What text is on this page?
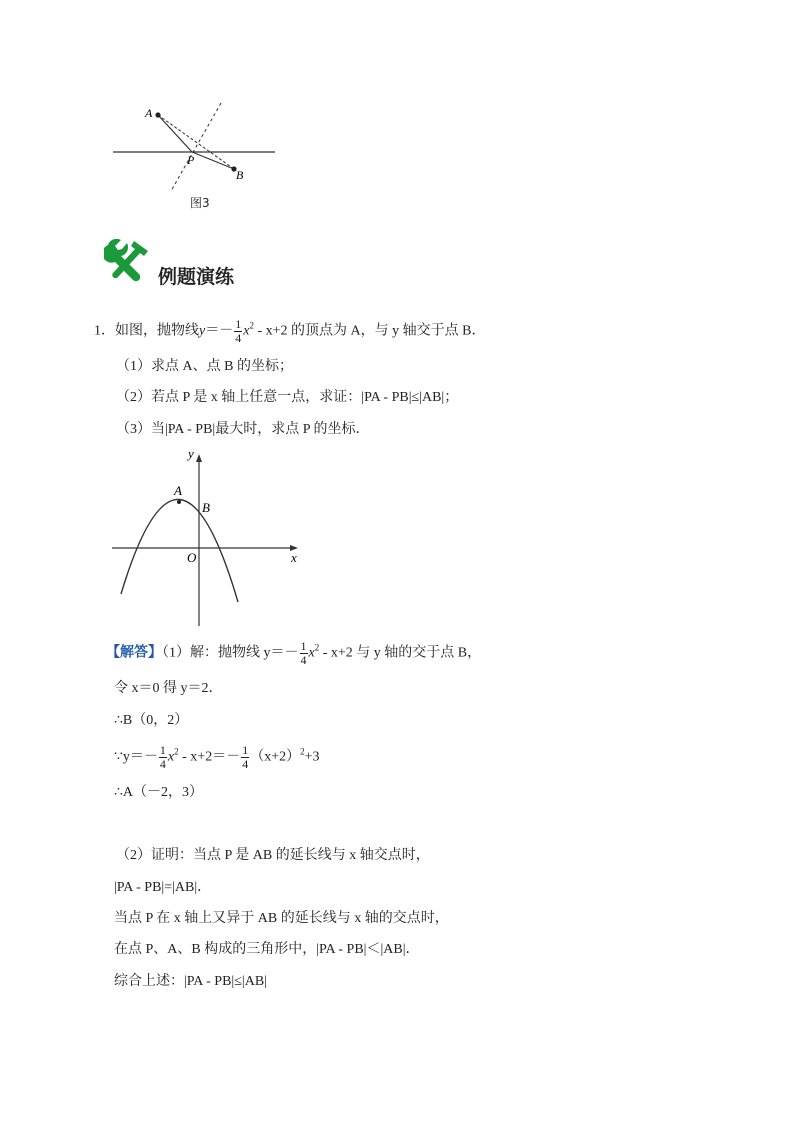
A
P
B
图3
例题演练
1．如图，抛物线$y=- \frac{1}{4} x^2 - x+2$ 的顶点为 A，与 y 轴交于点 B．
（1）求点 A、点 B 的坐标；
（2）若点 P 是 x 轴上任意一点，求证：|PA - PB|≤|AB|；
（3）当|PA - PB|最大时，求点 P 的坐标．
y
x
O
A
B
【解答】（1）解：抛物线 $y=- \frac{1}{4} x^2 - x+2$ 与 y 轴的交于点 B，
令 x＝0 得 y＝2．
∴B（0，2）
∵y＝－ $\frac{1}{4} x^2 - x+2=- \frac{1}{4} (x+2)^2+3$
∴A（－2，3）
（2）证明：当点 P 是 AB 的延长线与 x 轴交点时，
|PA - PB|=|AB|．
当点 P 在 x 轴上又异于 AB 的延长线与 x 轴的交点时，
在点 P、A、B 构成的三角形中，|PA - PB|＜|AB|．
综合上述：|PA - PB|≤|AB|
